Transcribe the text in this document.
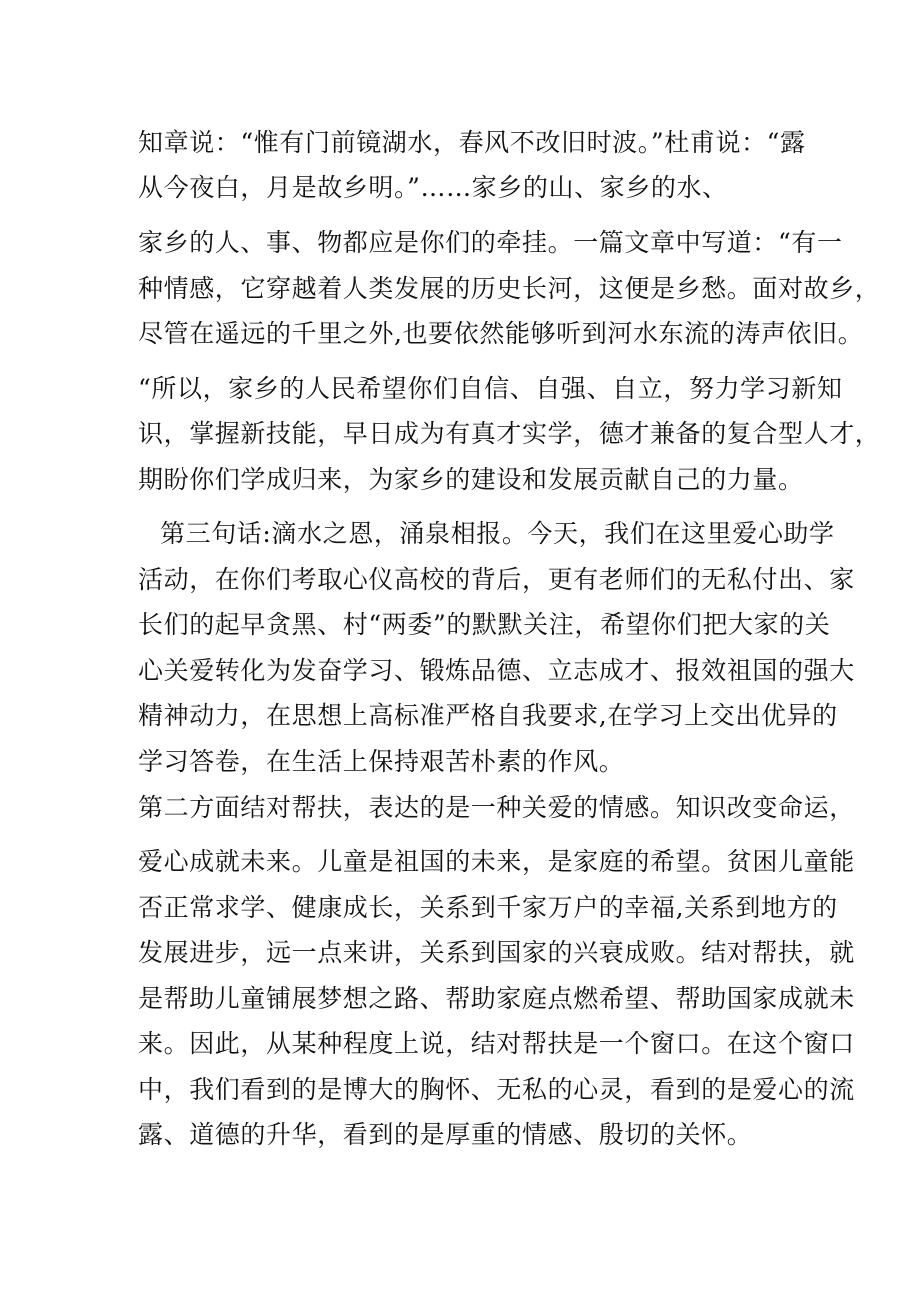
知章说：“惟有门前镜湖水，春风不改旧时波。”杜甫说：“露
从今夜白，月是故乡明。”……家乡的山、家乡的水、
家乡的人、事、物都应是你们的牵挂。一篇文章中写道：“有一
种情感，它穿越着人类发展的历史长河，这便是乡愁。面对故乡，
尽管在遥远的千里之外,也要依然能够听到河水东流的涛声依旧。
“所以，家乡的人民希望你们自信、自强、自立，努力学习新知
识，掌握新技能，早日成为有真才实学，德才兼备的复合型人才，
期盼你们学成归来，为家乡的建设和发展贡献自己的力量。
第三句话:滴水之恩，涌泉相报。今天，我们在这里爱心助学
活动，在你们考取心仪高校的背后，更有老师们的无私付出、家
长们的起早贪黑、村“两委”的默默关注，希望你们把大家的关
心关爱转化为发奋学习、锻炼品德、立志成才、报效祖国的强大
精神动力，在思想上高标准严格自我要求,在学习上交出优异的
学习答卷，在生活上保持艰苦朴素的作风。
第二方面结对帮扶，表达的是一种关爱的情感。知识改变命运，
爱心成就未来。儿童是祖国的未来，是家庭的希望。贫困儿童能
否正常求学、健康成长，关系到千家万户的幸福,关系到地方的
发展进步，远一点来讲，关系到国家的兴衰成败。结对帮扶，就
是帮助儿童铺展梦想之路、帮助家庭点燃希望、帮助国家成就未
来。因此，从某种程度上说，结对帮扶是一个窗口。在这个窗口
中，我们看到的是博大的胸怀、无私的心灵，看到的是爱心的流
露、道德的升华，看到的是厚重的情感、殷切的关怀。
